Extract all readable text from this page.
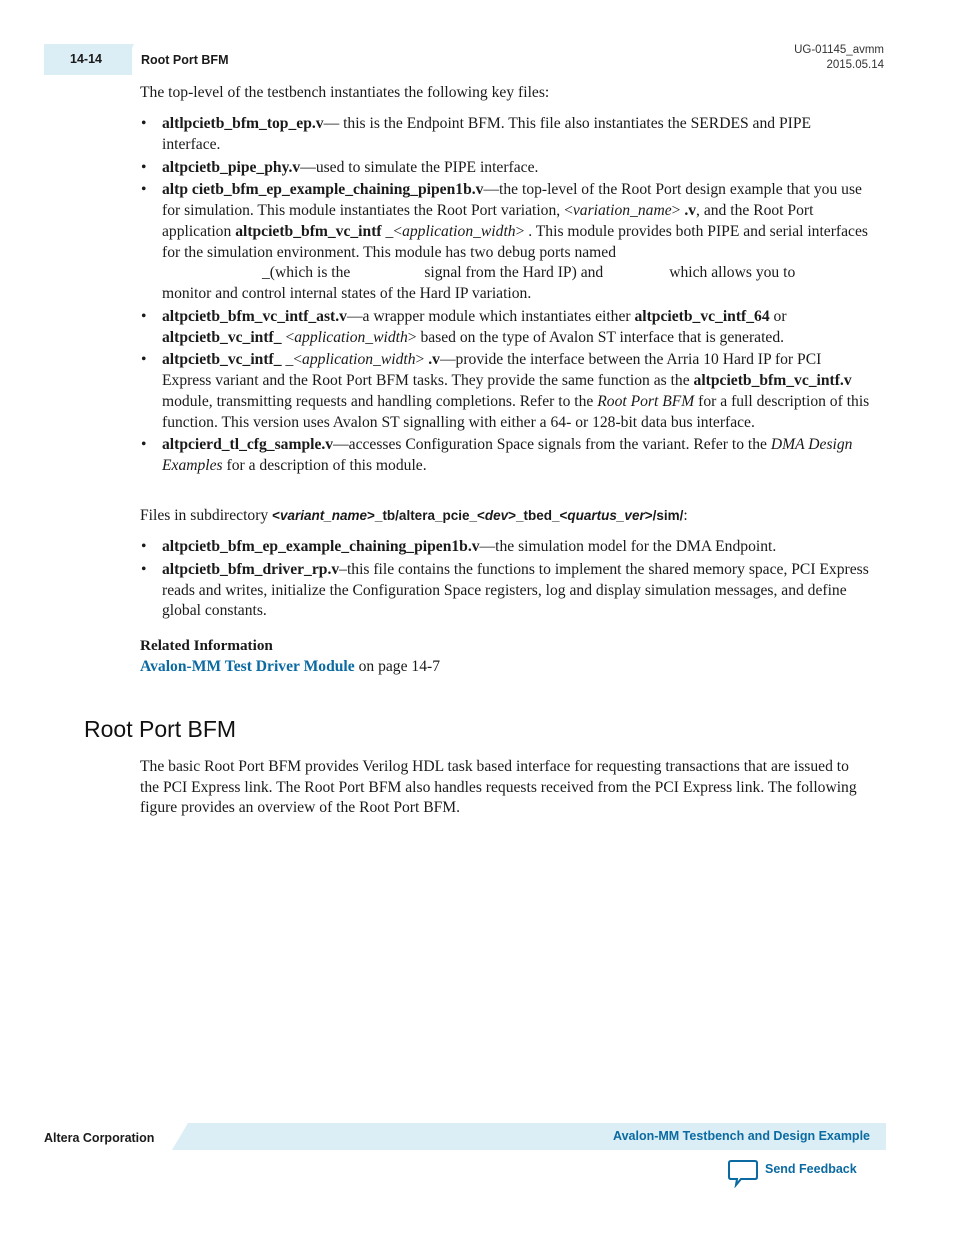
14-14	Root Port BFM
UG-01145_avmm
2015.05.14

The top-level of the testbench instantiates the following key files:

• altlpcietb_bfm_top_ep.v— this is the Endpoint BFM. This file also instantiates the SERDES and PIPE interface.
• altpcietb_pipe_phy.v—used to simulate the PIPE interface.
• altp cietb_bfm_ep_example_chaining_pipen1b.v—the top-level of the Root Port design example that you use for simulation. This module instantiates the Root Port variation, <variation_name> .v, and the Root Port application altpcietb_bfm_vc_intf _<application_width> . This module provides both PIPE and serial interfaces for the simulation environment. This module has two debug ports named
_(which is the	signal from the Hard IP) and	which allows you to
monitor and control internal states of the Hard IP variation.
• altpcietb_bfm_vc_intf_ast.v—a wrapper module which instantiates either altpcietb_vc_intf_64 or altpcietb_vc_intf_ <application_width> based on the type of Avalon ST interface that is generated.
• altpcietb_vc_intf_ _<application_width> .v—provide the interface between the Arria 10 Hard IP for PCI Express variant and the Root Port BFM tasks. They provide the same function as the altpcietb_bfm_vc_intf.v module, transmitting requests and handling completions. Refer to the Root Port BFM for a full description of this function. This version uses Avalon ST signalling with either a 64- or 128-bit data bus interface.
• altpcierd_tl_cfg_sample.v—accesses Configuration Space signals from the variant. Refer to the DMA Design Examples for a description of this module.

Files in subdirectory <variant_name>_tb/altera_pcie_<dev>_tbed_<quartus_ver>/sim/:

• altpcietb_bfm_ep_example_chaining_pipen1b.v—the simulation model for the DMA Endpoint.
• altpcietb_bfm_driver_rp.v–this file contains the functions to implement the shared memory space, PCI Express reads and writes, initialize the Configuration Space registers, log and display simulation messages, and define global constants.
Related Information
Avalon-MM Test Driver Module on page 14-7
Root Port BFM

The basic Root Port BFM provides Verilog HDL task based interface for requesting transactions that are issued to the PCI Express link. The Root Port BFM also handles requests received from the PCI Express link. The following figure provides an overview of the Root Port BFM.

Altera Corporation	Avalon-MM Testbench and Design Example
Send Feedback
